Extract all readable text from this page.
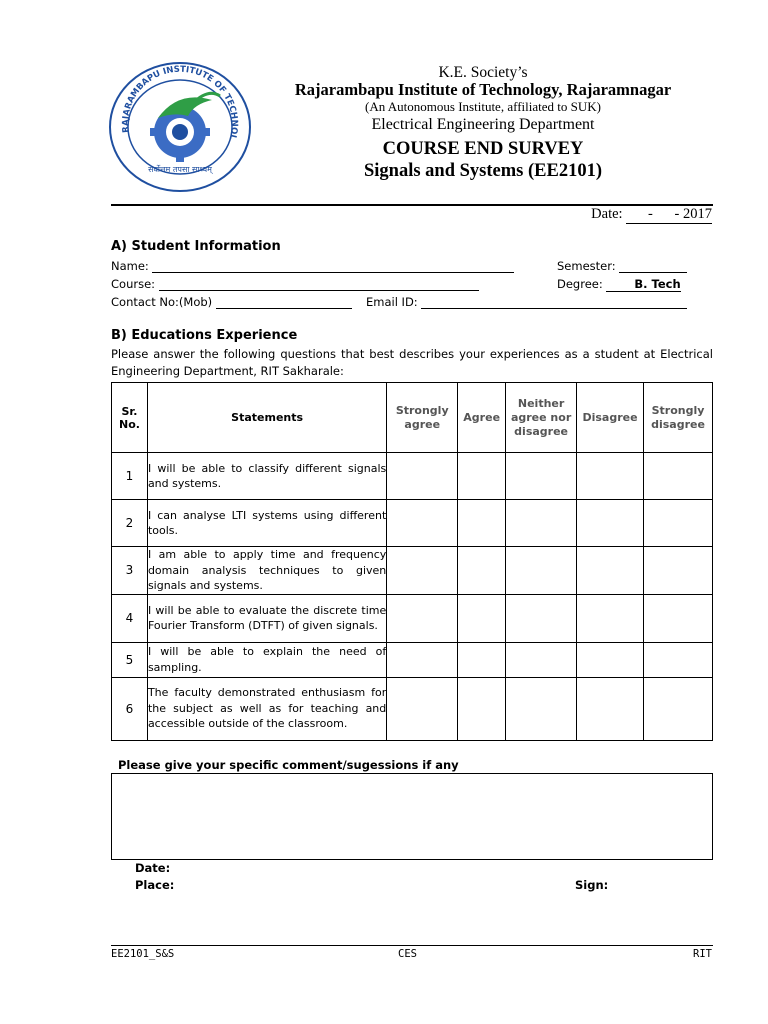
RAJARAMBAPU INSTITUTE OF TECHNOL
सर्वोत्तम तपसा साध्यम्
K.E. Society’s
Rajarambapu Institute of Technology, Rajaramnagar
(An Autonomous Institute, affiliated to SUK)
Electrical Engineering Department
COURSE END SURVEY
Signals and Systems (EE2101)
Date: - - 2017
A) Student Information
Name:	Semester:
Course:	Degree:	B. Tech
Contact No:(Mob)	Email ID:
B) Educations Experience
Please answer the following questions that best describes your experiences as a student at Electrical Engineering Department, RIT Sakharale:
Sr. No.	Statements	Strongly agree	Agree	Neither agree nor disagree	Disagree	Strongly disagree
1	I will be able to classify different signals and systems.					
2	I can analyse LTI systems using different tools.					
3	I am able to apply time and frequency domain analysis techniques to given signals and systems.					
4	I will be able to evaluate the discrete time Fourier Transform (DTFT) of given signals.					
5	I will be able to explain the need of sampling.					
6	The faculty demonstrated enthusiasm for the subject as well as for teaching and accessible outside of the classroom.					
Please give your specific comment/sugessions if any
Date:
Place:	Sign:
EE2101_S&S	CES	RIT
